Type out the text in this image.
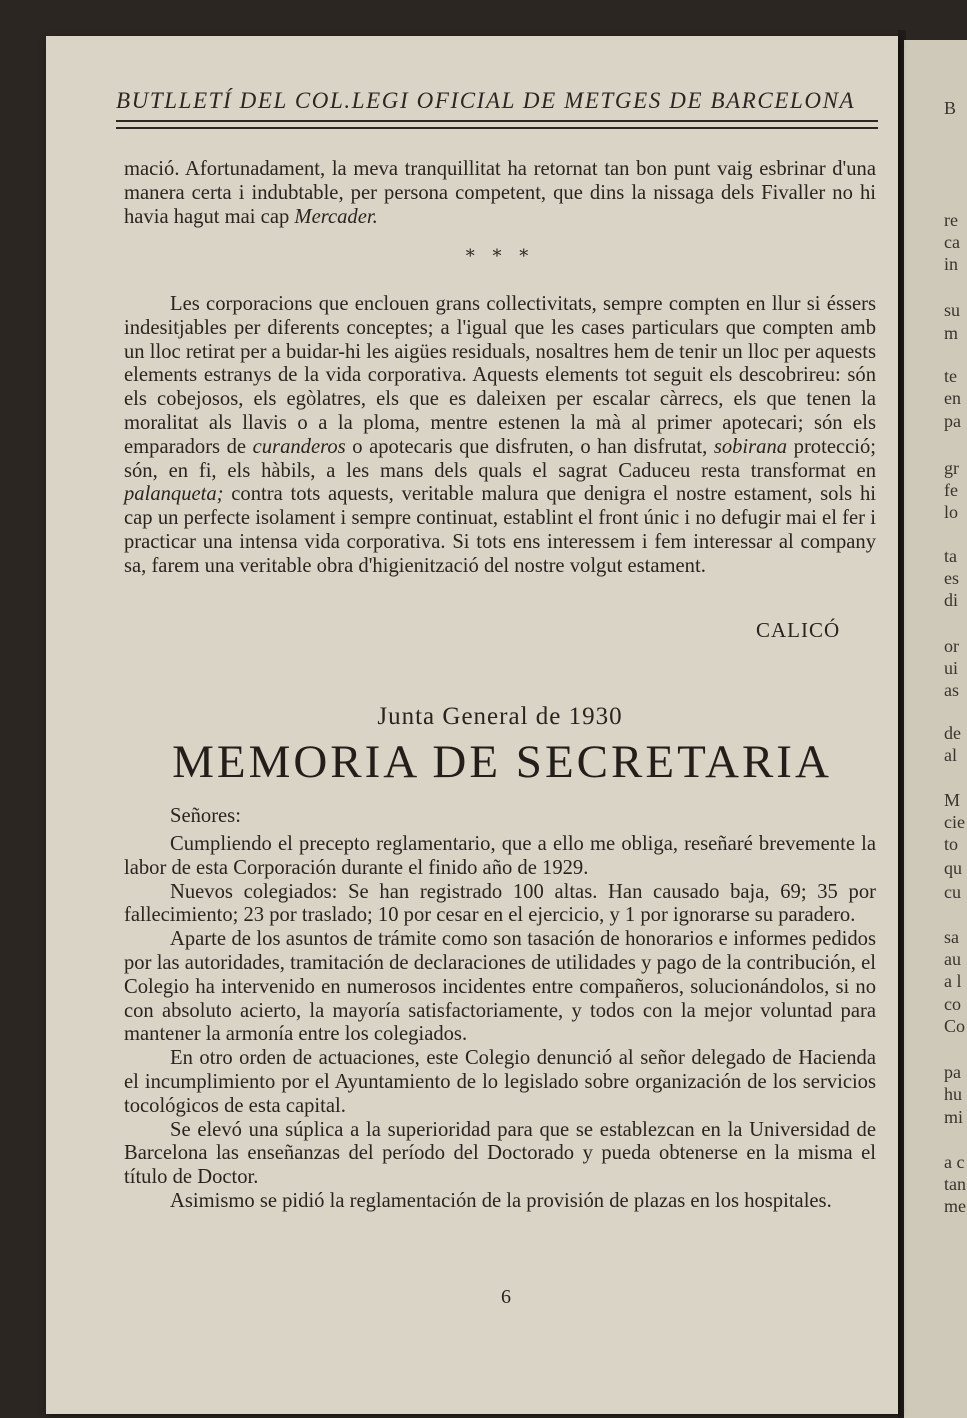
B
re
ca
in
su
m
te
en
pa
gr
fe
lo
ta
es
di
or
ui
as
de
al
M
cie
to
qu
cu
sa
au
a l
co
Co
pa
hu
mi
a c
tan
me
BUTLLETÍ DEL COL.LEGI OFICIAL DE METGES DE BARCELONA

mació. Afortunadament, la meva tranquillitat ha retornat tan bon punt vaig esbrinar d'una manera certa i indubtable, per persona competent, que dins la nissaga dels Fivaller no hi havia hagut mai cap Mercader.

* * *

Les corporacions que enclouen grans collectivitats, sempre compten en llur si éssers indesitjables per diferents conceptes; a l'igual que les cases particulars que compten amb un lloc retirat per a buidar-hi les aigües residuals, nosaltres hem de tenir un lloc per aquests elements estranys de la vida corporativa. Aquests elements tot seguit els descobrireu: són els cobejosos, els egòlatres, els que es daleixen per escalar càrrecs, els que tenen la moralitat als llavis o a la ploma, mentre estenen la mà al primer apotecari; són els emparadors de curanderos o apotecaris que disfruten, o han disfrutat, sobirana protecció; són, en fi, els hàbils, a les mans dels quals el sagrat Caduceu resta transformat en palanqueta; contra tots aquests, veritable malura que denigra el nostre estament, sols hi cap un perfecte isolament i sempre continuat, establint el front únic i no defugir mai el fer i practicar una intensa vida corporativa. Si tots ens interessem i fem interessar al company sa, farem una veritable obra d'higienització del nostre volgut estament.

CALICÓ
Junta General de 1930
MEMORIA DE SECRETARIA
Señores:

Cumpliendo el precepto reglamentario, que a ello me obliga, reseñaré brevemente la labor de esta Corporación durante el finido año de 1929.

Nuevos colegiados: Se han registrado 100 altas. Han causado baja, 69; 35 por fallecimiento; 23 por traslado; 10 por cesar en el ejercicio, y 1 por ignorarse su paradero.

Aparte de los asuntos de trámite como son tasación de honorarios e informes pedidos por las autoridades, tramitación de declaraciones de utilidades y pago de la contribución, el Colegio ha intervenido en numerosos incidentes entre compañeros, solucionándolos, si no con absoluto acierto, la mayoría satisfactoriamente, y todos con la mejor voluntad para mantener la armonía entre los colegiados.

En otro orden de actuaciones, este Colegio denunció al señor delegado de Hacienda el incumplimiento por el Ayuntamiento de lo legislado sobre organización de los servicios tocológicos de esta capital.

Se elevó una súplica a la superioridad para que se establezcan en la Universidad de Barcelona las enseñanzas del período del Doctorado y pueda obtenerse en la misma el título de Doctor.

Asimismo se pidió la reglamentación de la provisión de plazas en los hospitales.

6
